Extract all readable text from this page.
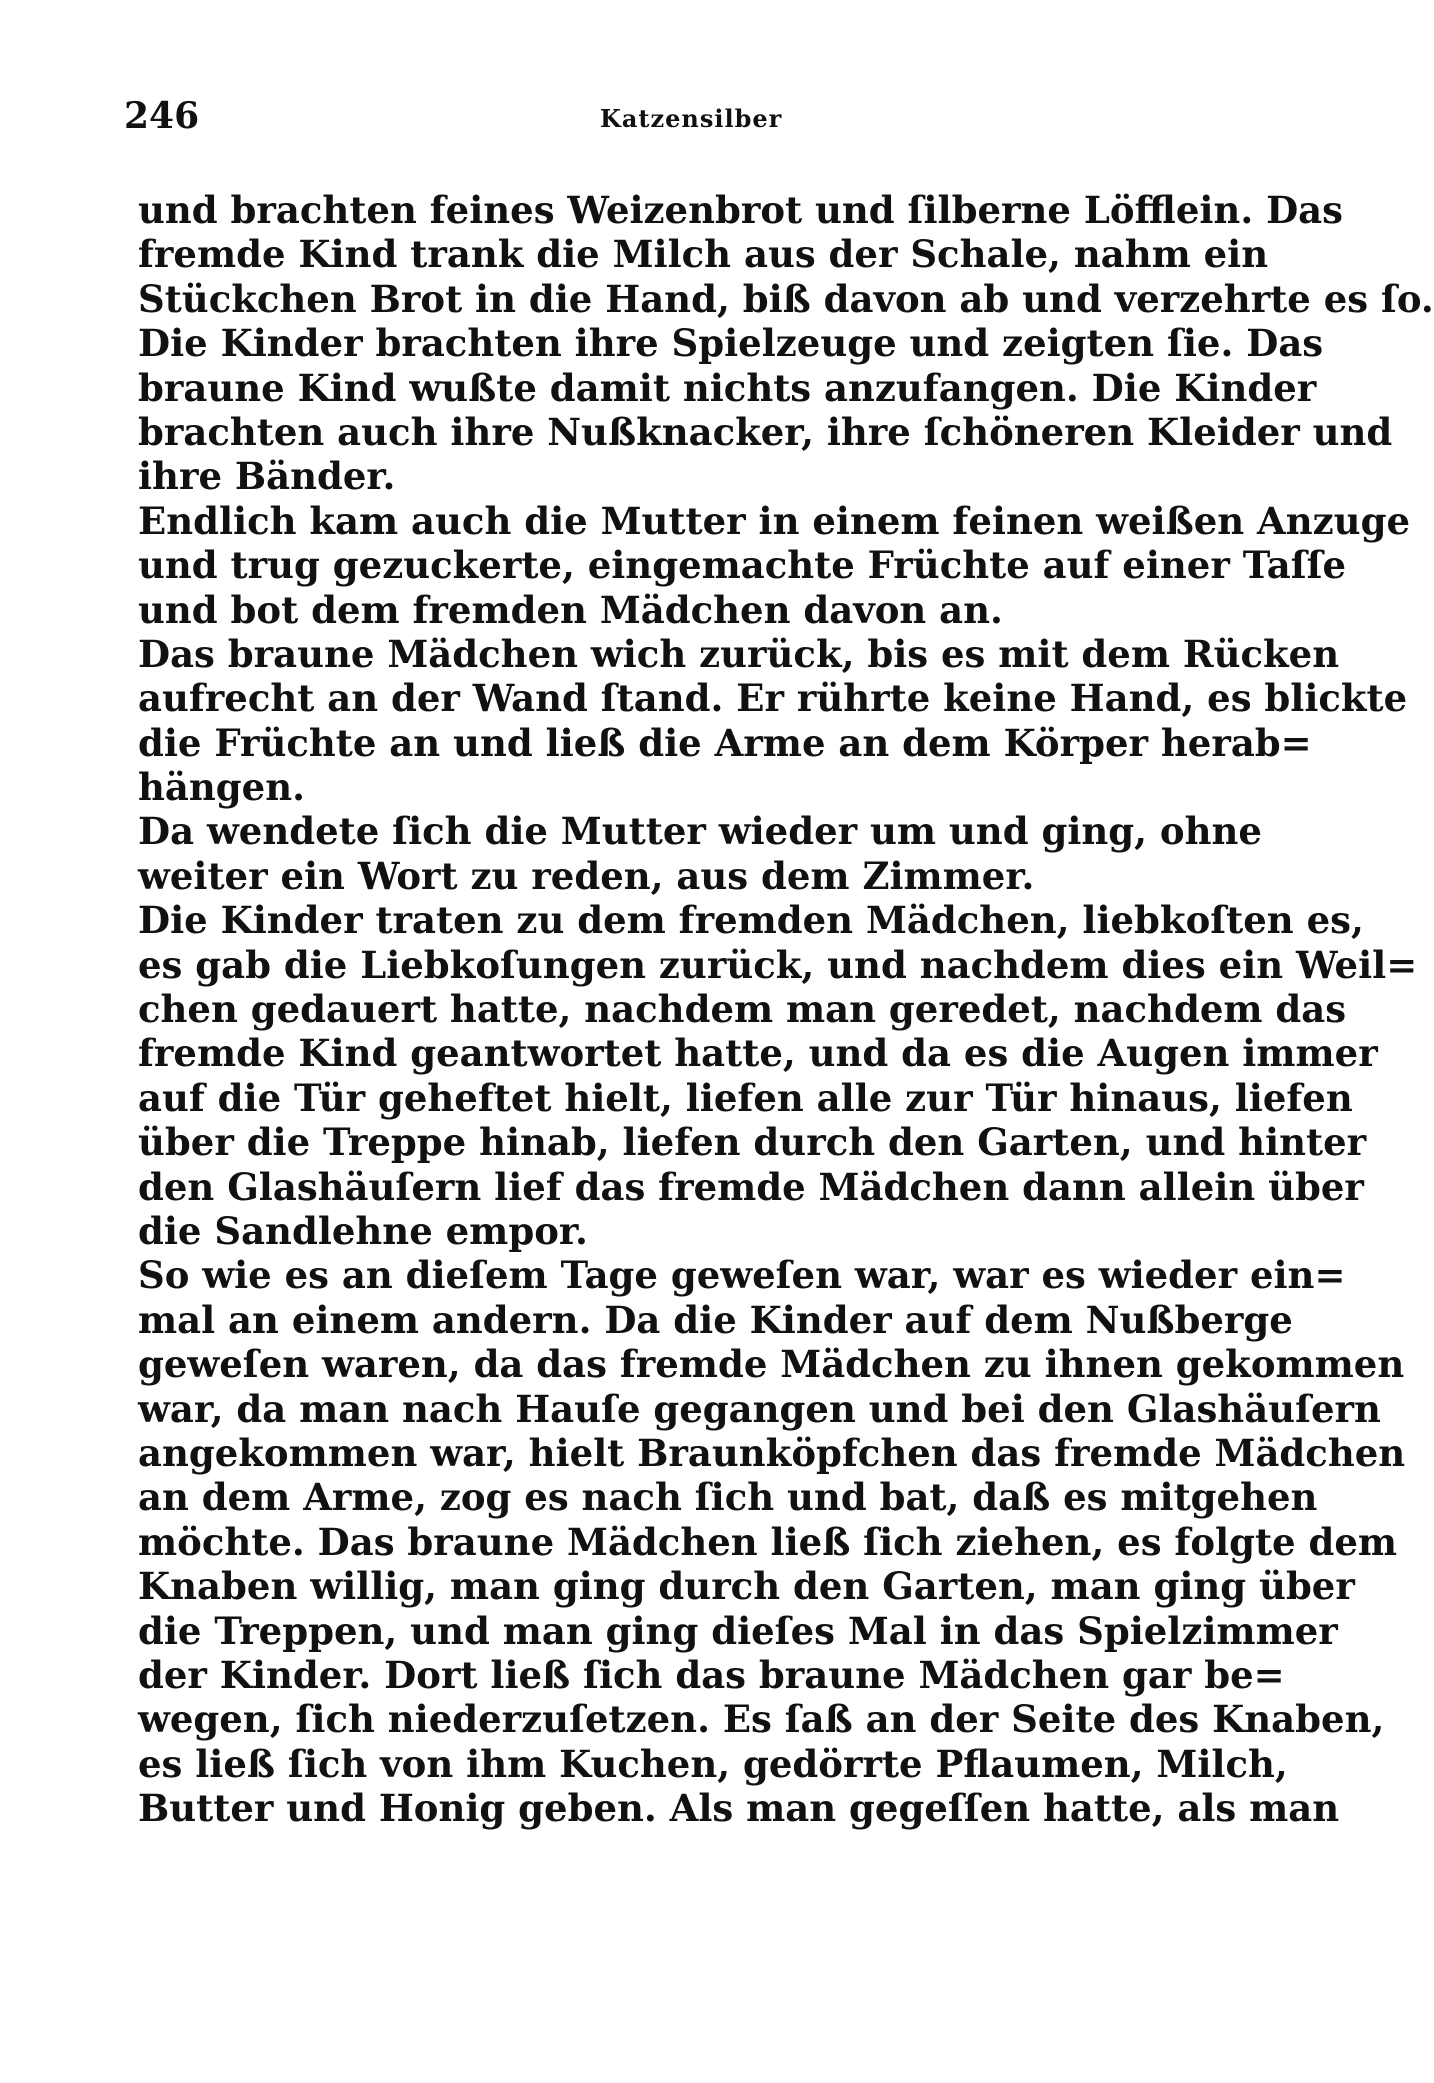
246	Katzensilber

und brachten feines Weizenbrot und ſilberne Löfflein. Das
fremde Kind trank die Milch aus der Schale, nahm ein
Stückchen Brot in die Hand, biß davon ab und verzehrte es ſo.
Die Kinder brachten ihre Spielzeuge und zeigten ſie. Das
braune Kind wußte damit nichts anzufangen. Die Kinder
brachten auch ihre Nußknacker, ihre ſchöneren Kleider und
ihre Bänder.

Endlich kam auch die Mutter in einem feinen weißen Anzuge
und trug gezuckerte, eingemachte Früchte auf einer Taſſe
und bot dem fremden Mädchen davon an.

Das braune Mädchen wich zurück, bis es mit dem Rücken
aufrecht an der Wand ſtand. Er rührte keine Hand, es blickte
die Früchte an und ließ die Arme an dem Körper herab=
hängen.

Da wendete ſich die Mutter wieder um und ging, ohne
weiter ein Wort zu reden, aus dem Zimmer.

Die Kinder traten zu dem fremden Mädchen, liebkoſten es,
es gab die Liebkoſungen zurück, und nachdem dies ein Weil=
chen gedauert hatte, nachdem man geredet, nachdem das
fremde Kind geantwortet hatte, und da es die Augen immer
auf die Tür geheftet hielt, liefen alle zur Tür hinaus, liefen
über die Treppe hinab, liefen durch den Garten, und hinter
den Glashäuſern lief das fremde Mädchen dann allein über
die Sandlehne empor.

So wie es an dieſem Tage geweſen war, war es wieder ein=
mal an einem andern. Da die Kinder auf dem Nußberge
geweſen waren, da das fremde Mädchen zu ihnen gekommen
war, da man nach Hauſe gegangen und bei den Glashäuſern
angekommen war, hielt Braunköpfchen das fremde Mädchen
an dem Arme, zog es nach ſich und bat, daß es mitgehen
möchte. Das braune Mädchen ließ ſich ziehen, es folgte dem
Knaben willig, man ging durch den Garten, man ging über
die Treppen, und man ging dieſes Mal in das Spielzimmer
der Kinder. Dort ließ ſich das braune Mädchen gar be=
wegen, ſich niederzuſetzen. Es ſaß an der Seite des Knaben,
es ließ ſich von ihm Kuchen, gedörrte Pflaumen, Milch,
Butter und Honig geben. Als man gegeſſen hatte, als man
